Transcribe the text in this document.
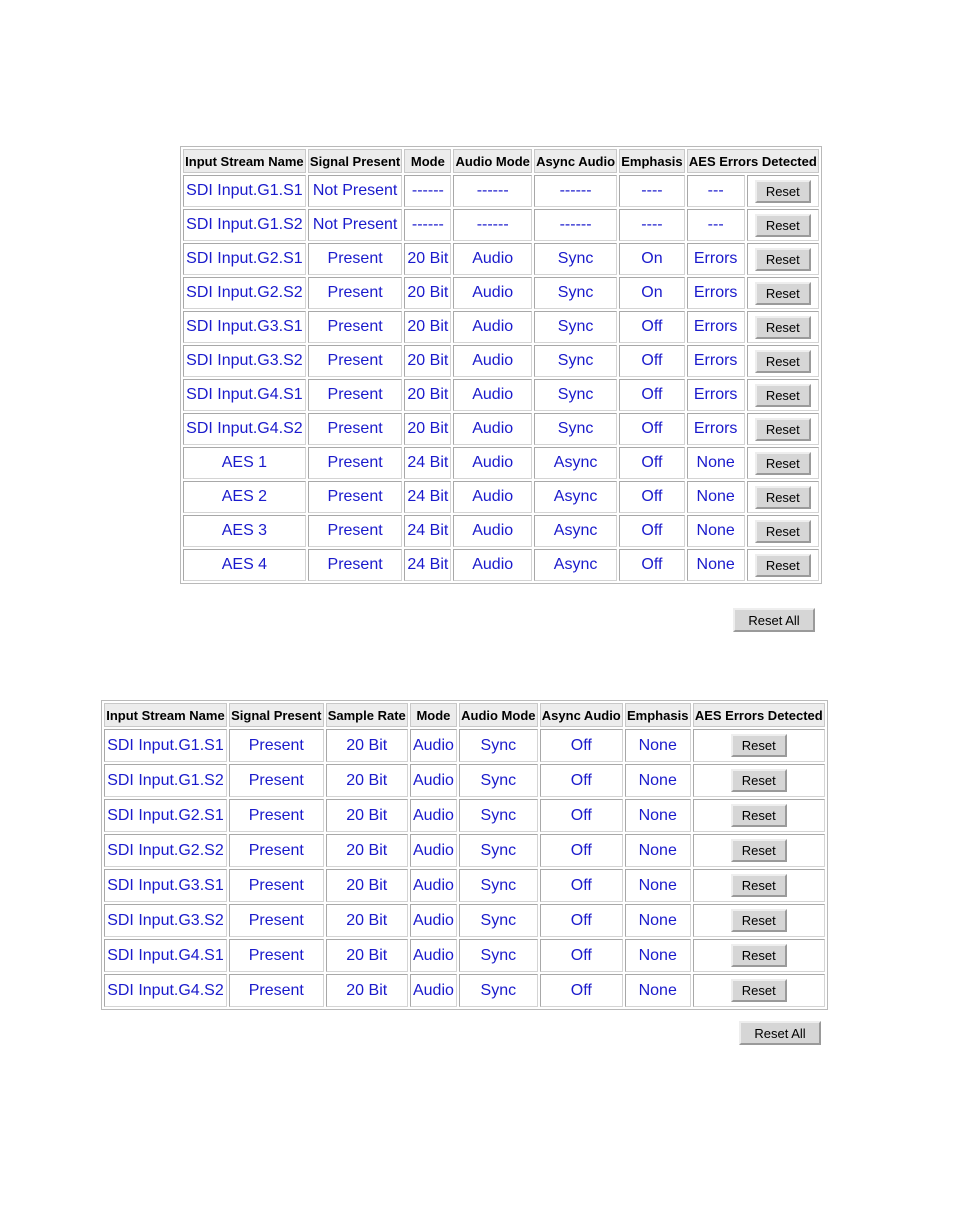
Input Stream Name	Signal Present	Mode	Audio Mode	Async Audio	Emphasis	AES Errors Detected	
SDI Input.G1.S1	Not Present	------	------	------	----	---	Reset
SDI Input.G1.S2	Not Present	------	------	------	----	---	Reset
SDI Input.G2.S1	Present	20 Bit	Audio	Sync	On	Errors	Reset
SDI Input.G2.S2	Present	20 Bit	Audio	Sync	On	Errors	Reset
SDI Input.G3.S1	Present	20 Bit	Audio	Sync	Off	Errors	Reset
SDI Input.G3.S2	Present	20 Bit	Audio	Sync	Off	Errors	Reset
SDI Input.G4.S1	Present	20 Bit	Audio	Sync	Off	Errors	Reset
SDI Input.G4.S2	Present	20 Bit	Audio	Sync	Off	Errors	Reset
AES 1	Present	24 Bit	Audio	Async	Off	None	Reset
AES 2	Present	24 Bit	Audio	Async	Off	None	Reset
AES 3	Present	24 Bit	Audio	Async	Off	None	Reset
AES 4	Present	24 Bit	Audio	Async	Off	None	Reset
Reset All
Input Stream Name	Signal Present	Sample Rate	Mode	Audio Mode	Async Audio	Emphasis	AES Errors Detected
SDI Input.G1.S1	Present	20 Bit	Audio	Sync	Off	None	Reset
SDI Input.G1.S2	Present	20 Bit	Audio	Sync	Off	None	Reset
SDI Input.G2.S1	Present	20 Bit	Audio	Sync	Off	None	Reset
SDI Input.G2.S2	Present	20 Bit	Audio	Sync	Off	None	Reset
SDI Input.G3.S1	Present	20 Bit	Audio	Sync	Off	None	Reset
SDI Input.G3.S2	Present	20 Bit	Audio	Sync	Off	None	Reset
SDI Input.G4.S1	Present	20 Bit	Audio	Sync	Off	None	Reset
SDI Input.G4.S2	Present	20 Bit	Audio	Sync	Off	None	Reset
Reset All
